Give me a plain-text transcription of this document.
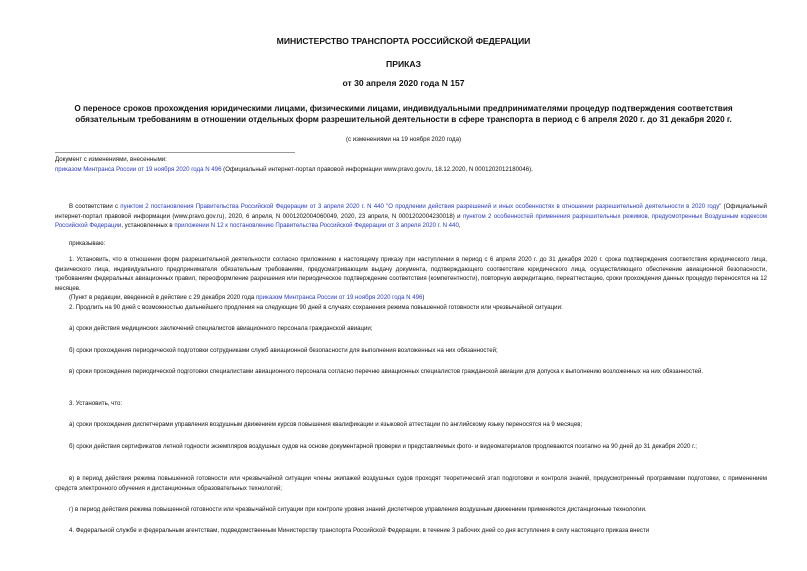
МИНИСТЕРСТВО ТРАНСПОРТА РОССИЙСКОЙ ФЕДЕРАЦИИ
ПРИКАЗ
от 30 апреля 2020 года N 157
О переносе сроков прохождения юридическими лицами, физическими лицами, индивидуальными предпринимателями процедур подтверждения соответствия
обязательным требованиям в отношении отдельных форм разрешительной деятельности в сфере транспорта в период с 6 апреля 2020 г. до 31 декабря 2020 г.
(с изменениями на 19 ноября 2020 года)

Документ с изменениями, внесенными:

приказом Минтранса России от 19 ноября 2020 года N 496 (Официальный интернет-портал правовой информации www.pravo.gov.ru, 18.12.2020, N 0001202012180046).

В соответствии с пунктом 2 постановления Правительства Российской Федерации от 3 апреля 2020 г. N 440 "О продлении действия разрешений и иных особенностях в отношении разрешительной деятельности в 2020 году" (Официальный интернет-портал правовой информации (www.pravo.gov.ru), 2020, 6 апреля, N 0001202004060049, 2020, 23 апреля, N 0001202004230018) и пунктом 2 особенностей применения разрешительных режимов, предусмотренных Воздушным кодексом Российской Федерации, установленных в приложении N 12 к постановлению Правительства Российской Федерации от 3 апреля 2020 г. N 440,

приказываю:

1. Установить, что в отношении форм разрешительной деятельности согласно приложению к настоящему приказу при наступлении в период с 6 апреля 2020 г. до 31 декабря 2020 г. срока подтверждения соответствия юридического лица, физического лица, индивидуального предпринимателя обязательным требованиям, предусматривающим выдачу документа, подтверждающего соответствие юридического лица, осуществляющего обеспечение авиационной безопасности, требованиям федеральных авиационных правил, переоформление разрешения или периодическое подтверждение соответствия (компетентности), повторную аккредитацию, переаттестацию, сроки прохождения данных процедур переносятся на 12 месяцев.

(Пункт в редакции, введенной в действие с 29 декабря 2020 года приказом Минтранса России от 19 ноября 2020 года N 496)

2. Продлить на 90 дней с возможностью дальнейшего продления на следующие 90 дней в случаях сохранения режима повышенной готовности или чрезвычайной ситуации:

а) сроки действия медицинских заключений специалистов авиационного персонала гражданской авиации;

б) сроки прохождения периодической подготовки сотрудниками служб авиационной безопасности для выполнения возложенных на них обязанностей;

в) сроки прохождения периодической подготовки специалистами авиационного персонала согласно перечню авиационных специалистов гражданской авиации для допуска к выполнению возложенных на них обязанностей.

3. Установить, что:

а) сроки прохождения диспетчерами управления воздушным движением курсов повышения квалификации и языковой аттестации по английскому языку переносятся на 9 месяцев;

б) сроки действия сертификатов летной годности экземпляров воздушных судов на основе документарной проверки и представляемых фото- и видеоматериалов продлеваются поэтапно на 90 дней до 31 декабря 2020 г.;

в) в период действия режима повышенной готовности или чрезвычайной ситуации члены экипажей воздушных судов проходят теоретический этап подготовки и контроля знаний, предусмотренный программами подготовки, с применением средств электронного обучения и дистанционных образовательных технологий;

г) в период действия режима повышенной готовности или чрезвычайной ситуации при контроле уровня знаний диспетчеров управления воздушным движением применяются дистанционные технологии.

4. Федеральной службе и федеральным агентствам, подведомственным Министерству транспорта Российской Федерации, в течение 3 рабочих дней со дня вступления в силу настоящего приказа внести
